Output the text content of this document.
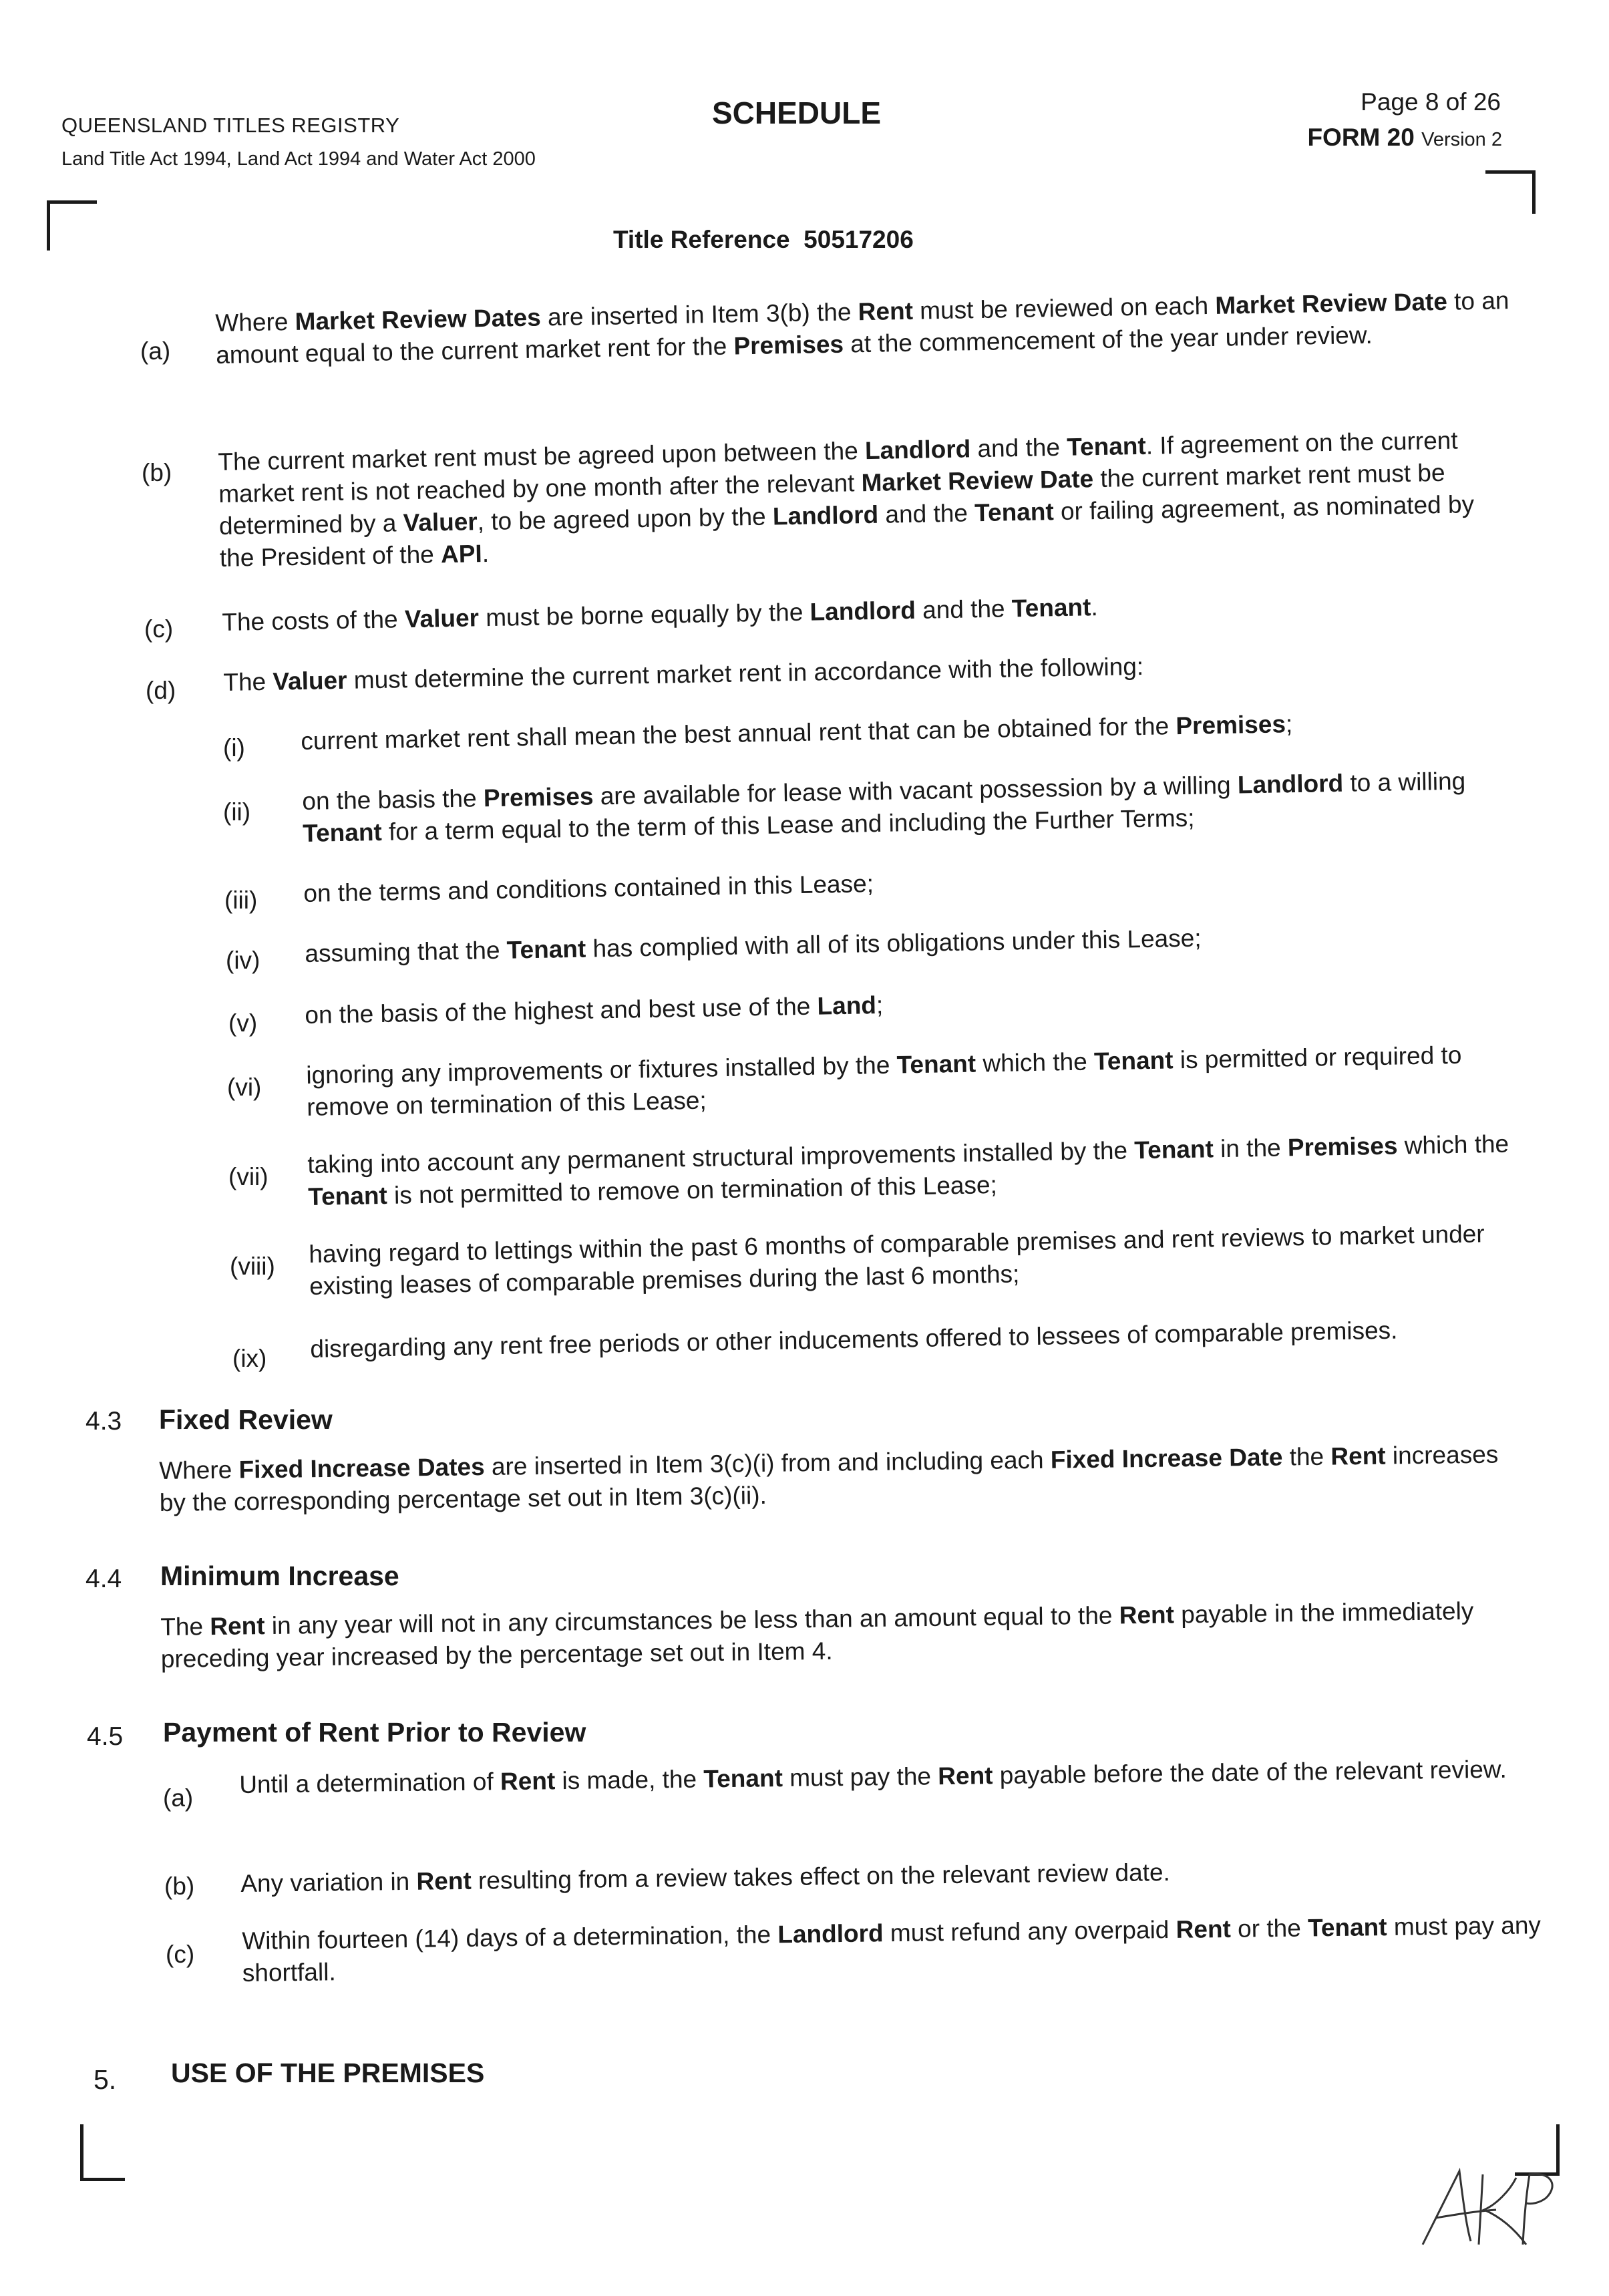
QUEENSLAND TITLES REGISTRY
Land Title Act 1994, Land Act 1994 and Water Act 2000
SCHEDULE	Page 8 of 26
FORM 20 Version 2
Title Reference 50517206
(a)
Where Market Review Dates are inserted in Item 3(b) the Rent must be reviewed on each Market Review Date to an amount equal to the current market rent for the Premises at the commencement of the year under review.
(b) The current market rent must be agreed upon between the Landlord and the Tenant. If agreement on the current market rent is not reached by one month after the relevant Market Review Date the current market rent must be determined by a Valuer, to be agreed upon by the Landlord and the Tenant or failing agreement, as nominated by the President of the API.
(c) The costs of the Valuer must be borne equally by the Landlord and the Tenant.
(d) The Valuer must determine the current market rent in accordance with the following:
(i) current market rent shall mean the best annual rent that can be obtained for the Premises;
(ii) on the basis the Premises are available for lease with vacant possession by a willing Landlord to a willing Tenant for a term equal to the term of this Lease and including the Further Terms;
(iii) on the terms and conditions contained in this Lease;
(iv) assuming that the Tenant has complied with all of its obligations under this Lease;
(v) on the basis of the highest and best use of the Land;
(vi) ignoring any improvements or fixtures installed by the Tenant which the Tenant is permitted or required to remove on termination of this Lease;
(vii) taking into account any permanent structural improvements installed by the Tenant in the Premises which the Tenant is not permitted to remove on termination of this Lease;
(viii) having regard to lettings within the past 6 months of comparable premises and rent reviews to market under existing leases of comparable premises during the last 6 months;
(ix) disregarding any rent free periods or other inducements offered to lessees of comparable premises.
4.3 Fixed Review
Where Fixed Increase Dates are inserted in Item 3(c)(i) from and including each Fixed Increase Date the Rent increases by the corresponding percentage set out in Item 3(c)(ii).
4.4 Minimum Increase
The Rent in any year will not in any circumstances be less than an amount equal to the Rent payable in the immediately preceding year increased by the percentage set out in Item 4.
4.5 Payment of Rent Prior to Review
(a) Until a determination of Rent is made, the Tenant must pay the Rent payable before the date of the relevant review.
(b) Any variation in Rent resulting from a review takes effect on the relevant review date.
(c) Within fourteen (14) days of a determination, the Landlord must refund any overpaid Rent or the Tenant must pay any shortfall.
5. USE OF THE PREMISES
